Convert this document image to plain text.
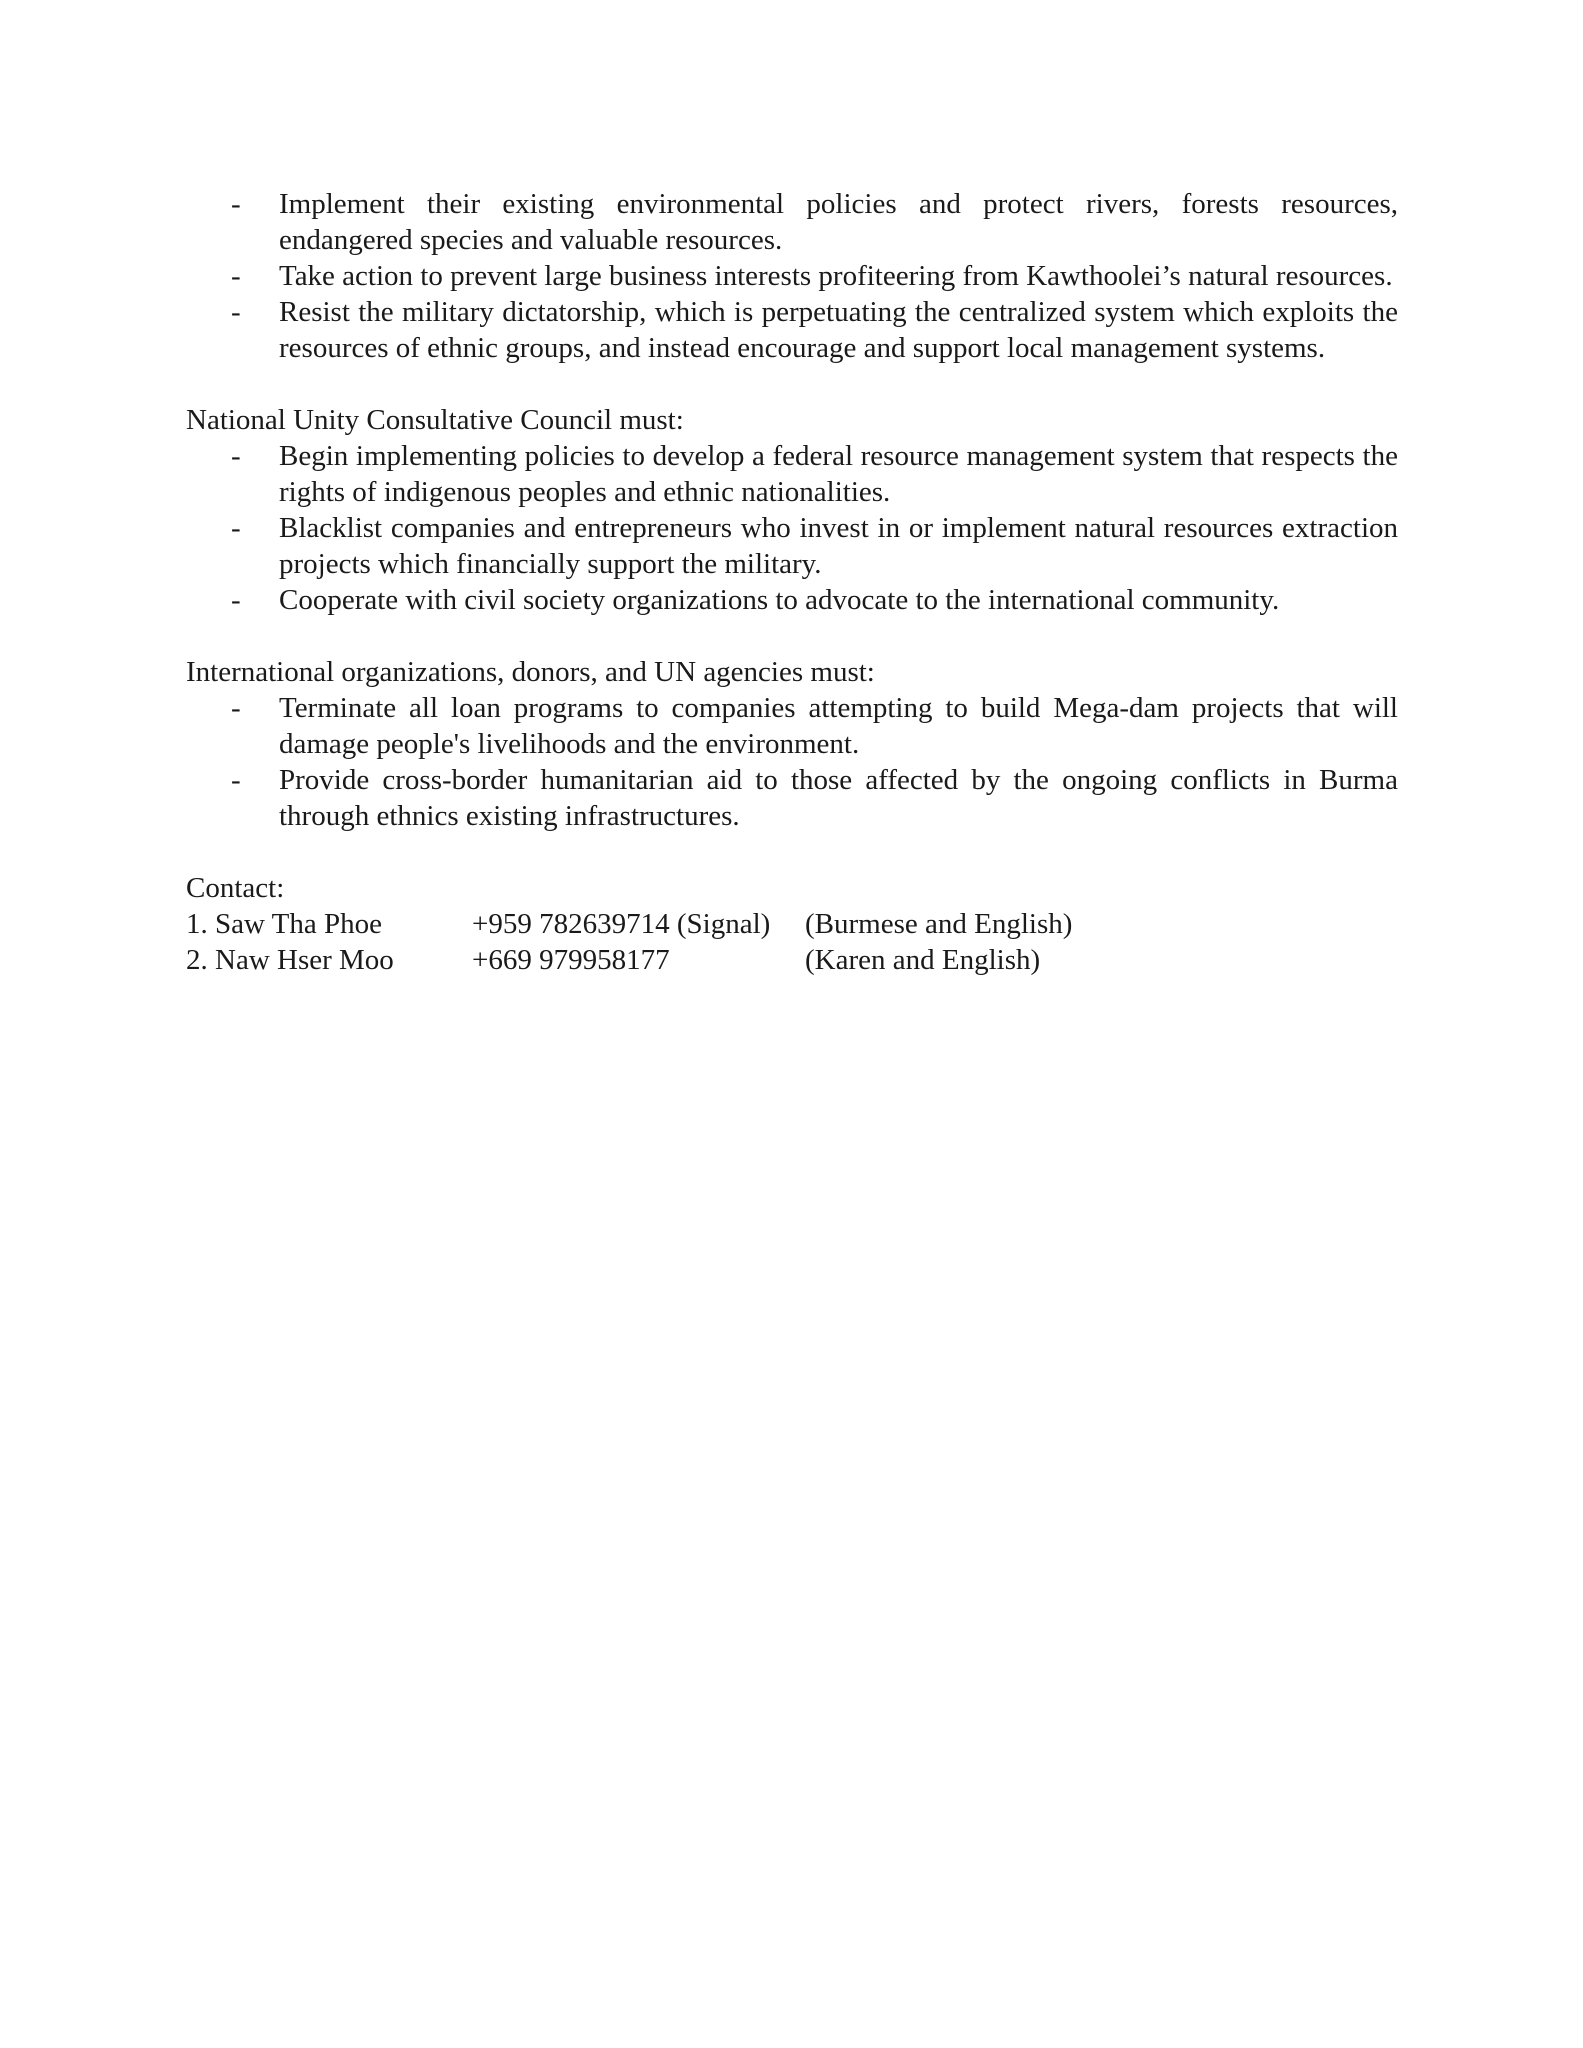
- Implement their existing environmental policies and protect rivers, forests resources, endangered species and valuable resources.
- Take action to prevent large business interests profiteering from Kawthoolei’s natural resources.
- Resist the military dictatorship, which is perpetuating the centralized system which exploits the resources of ethnic groups, and instead encourage and support local management systems.

National Unity Consultative Council must:

- Begin implementing policies to develop a federal resource management system that respects the rights of indigenous peoples and ethnic nationalities.
- Blacklist companies and entrepreneurs who invest in or implement natural resources extraction projects which financially support the military.
- Cooperate with civil society organizations to advocate to the international community.

International organizations, donors, and UN agencies must:

- Terminate all loan programs to companies attempting to build Mega-dam projects that will damage people's livelihoods and the environment.
- Provide cross-border humanitarian aid to those affected by the ongoing conflicts in Burma through ethnics existing infrastructures.

Contact:

1. Saw Tha Phoe	+959 782639714 (Signal)	(Burmese and English)
2. Naw Hser Moo	+669 979958177	(Karen and English)
